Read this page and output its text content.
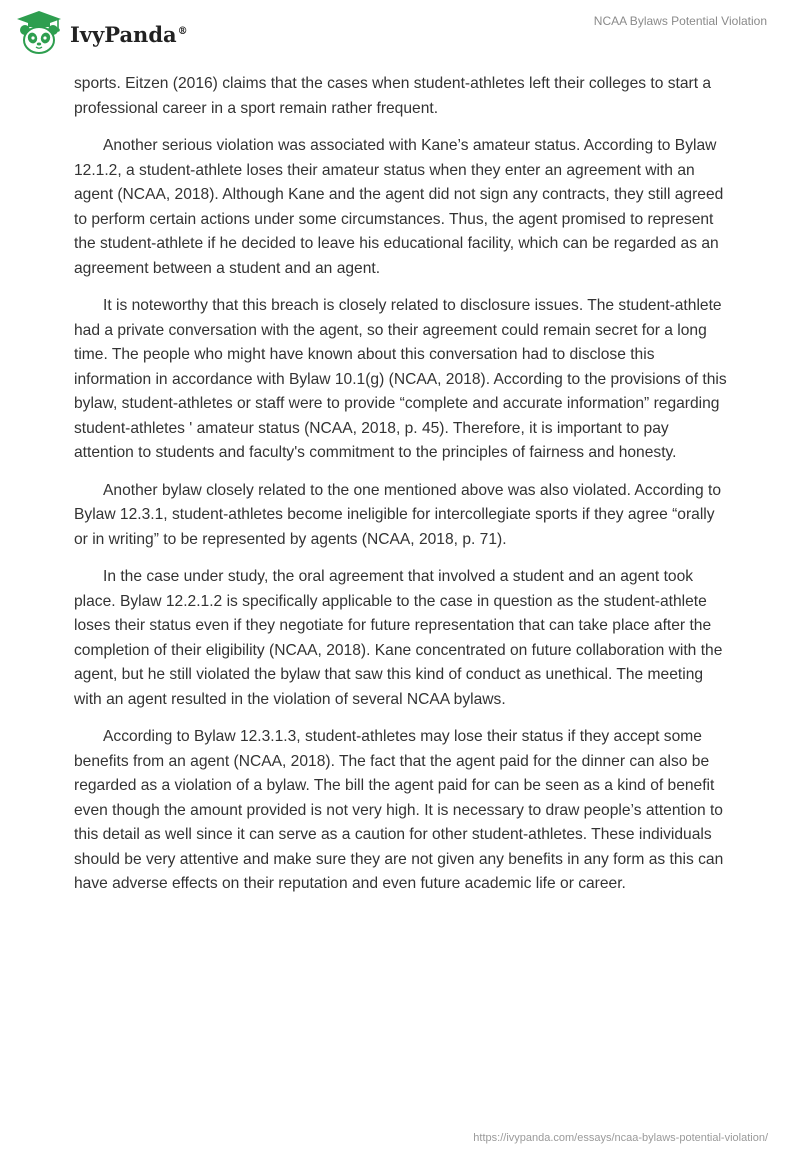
IvyPanda®
NCAA Bylaws Potential Violation

sports. Eitzen (2016) claims that the cases when student-athletes left their colleges to start a professional career in a sport remain rather frequent.

Another serious violation was associated with Kane’s amateur status. According to Bylaw 12.1.2, a student-athlete loses their amateur status when they enter an agreement with an agent (NCAA, 2018). Although Kane and the agent did not sign any contracts, they still agreed to perform certain actions under some circumstances. Thus, the agent promised to represent the student-athlete if he decided to leave his educational facility, which can be regarded as an agreement between a student and an agent.

It is noteworthy that this breach is closely related to disclosure issues. The student-athlete had a private conversation with the agent, so their agreement could remain secret for a long time. The people who might have known about this conversation had to disclose this information in accordance with Bylaw 10.1(g) (NCAA, 2018). According to the provisions of this bylaw, student-athletes or staff were to provide “complete and accurate information” regarding student-athletes ' amateur status (NCAA, 2018, p. 45). Therefore, it is important to pay attention to students and faculty's commitment to the principles of fairness and honesty.

Another bylaw closely related to the one mentioned above was also violated. According to Bylaw 12.3.1, student-athletes become ineligible for intercollegiate sports if they agree “orally or in writing” to be represented by agents (NCAA, 2018, p. 71).

In the case under study, the oral agreement that involved a student and an agent took place. Bylaw 12.2.1.2 is specifically applicable to the case in question as the student-athlete loses their status even if they negotiate for future representation that can take place after the completion of their eligibility (NCAA, 2018). Kane concentrated on future collaboration with the agent, but he still violated the bylaw that saw this kind of conduct as unethical. The meeting with an agent resulted in the violation of several NCAA bylaws.

According to Bylaw 12.3.1.3, student-athletes may lose their status if they accept some benefits from an agent (NCAA, 2018). The fact that the agent paid for the dinner can also be regarded as a violation of a bylaw. The bill the agent paid for can be seen as a kind of benefit even though the amount provided is not very high. It is necessary to draw people’s attention to this detail as well since it can serve as a caution for other student-athletes. These individuals should be very attentive and make sure they are not given any benefits in any form as this can have adverse effects on their reputation and even future academic life or career.

https://ivypanda.com/essays/ncaa-bylaws-potential-violation/
